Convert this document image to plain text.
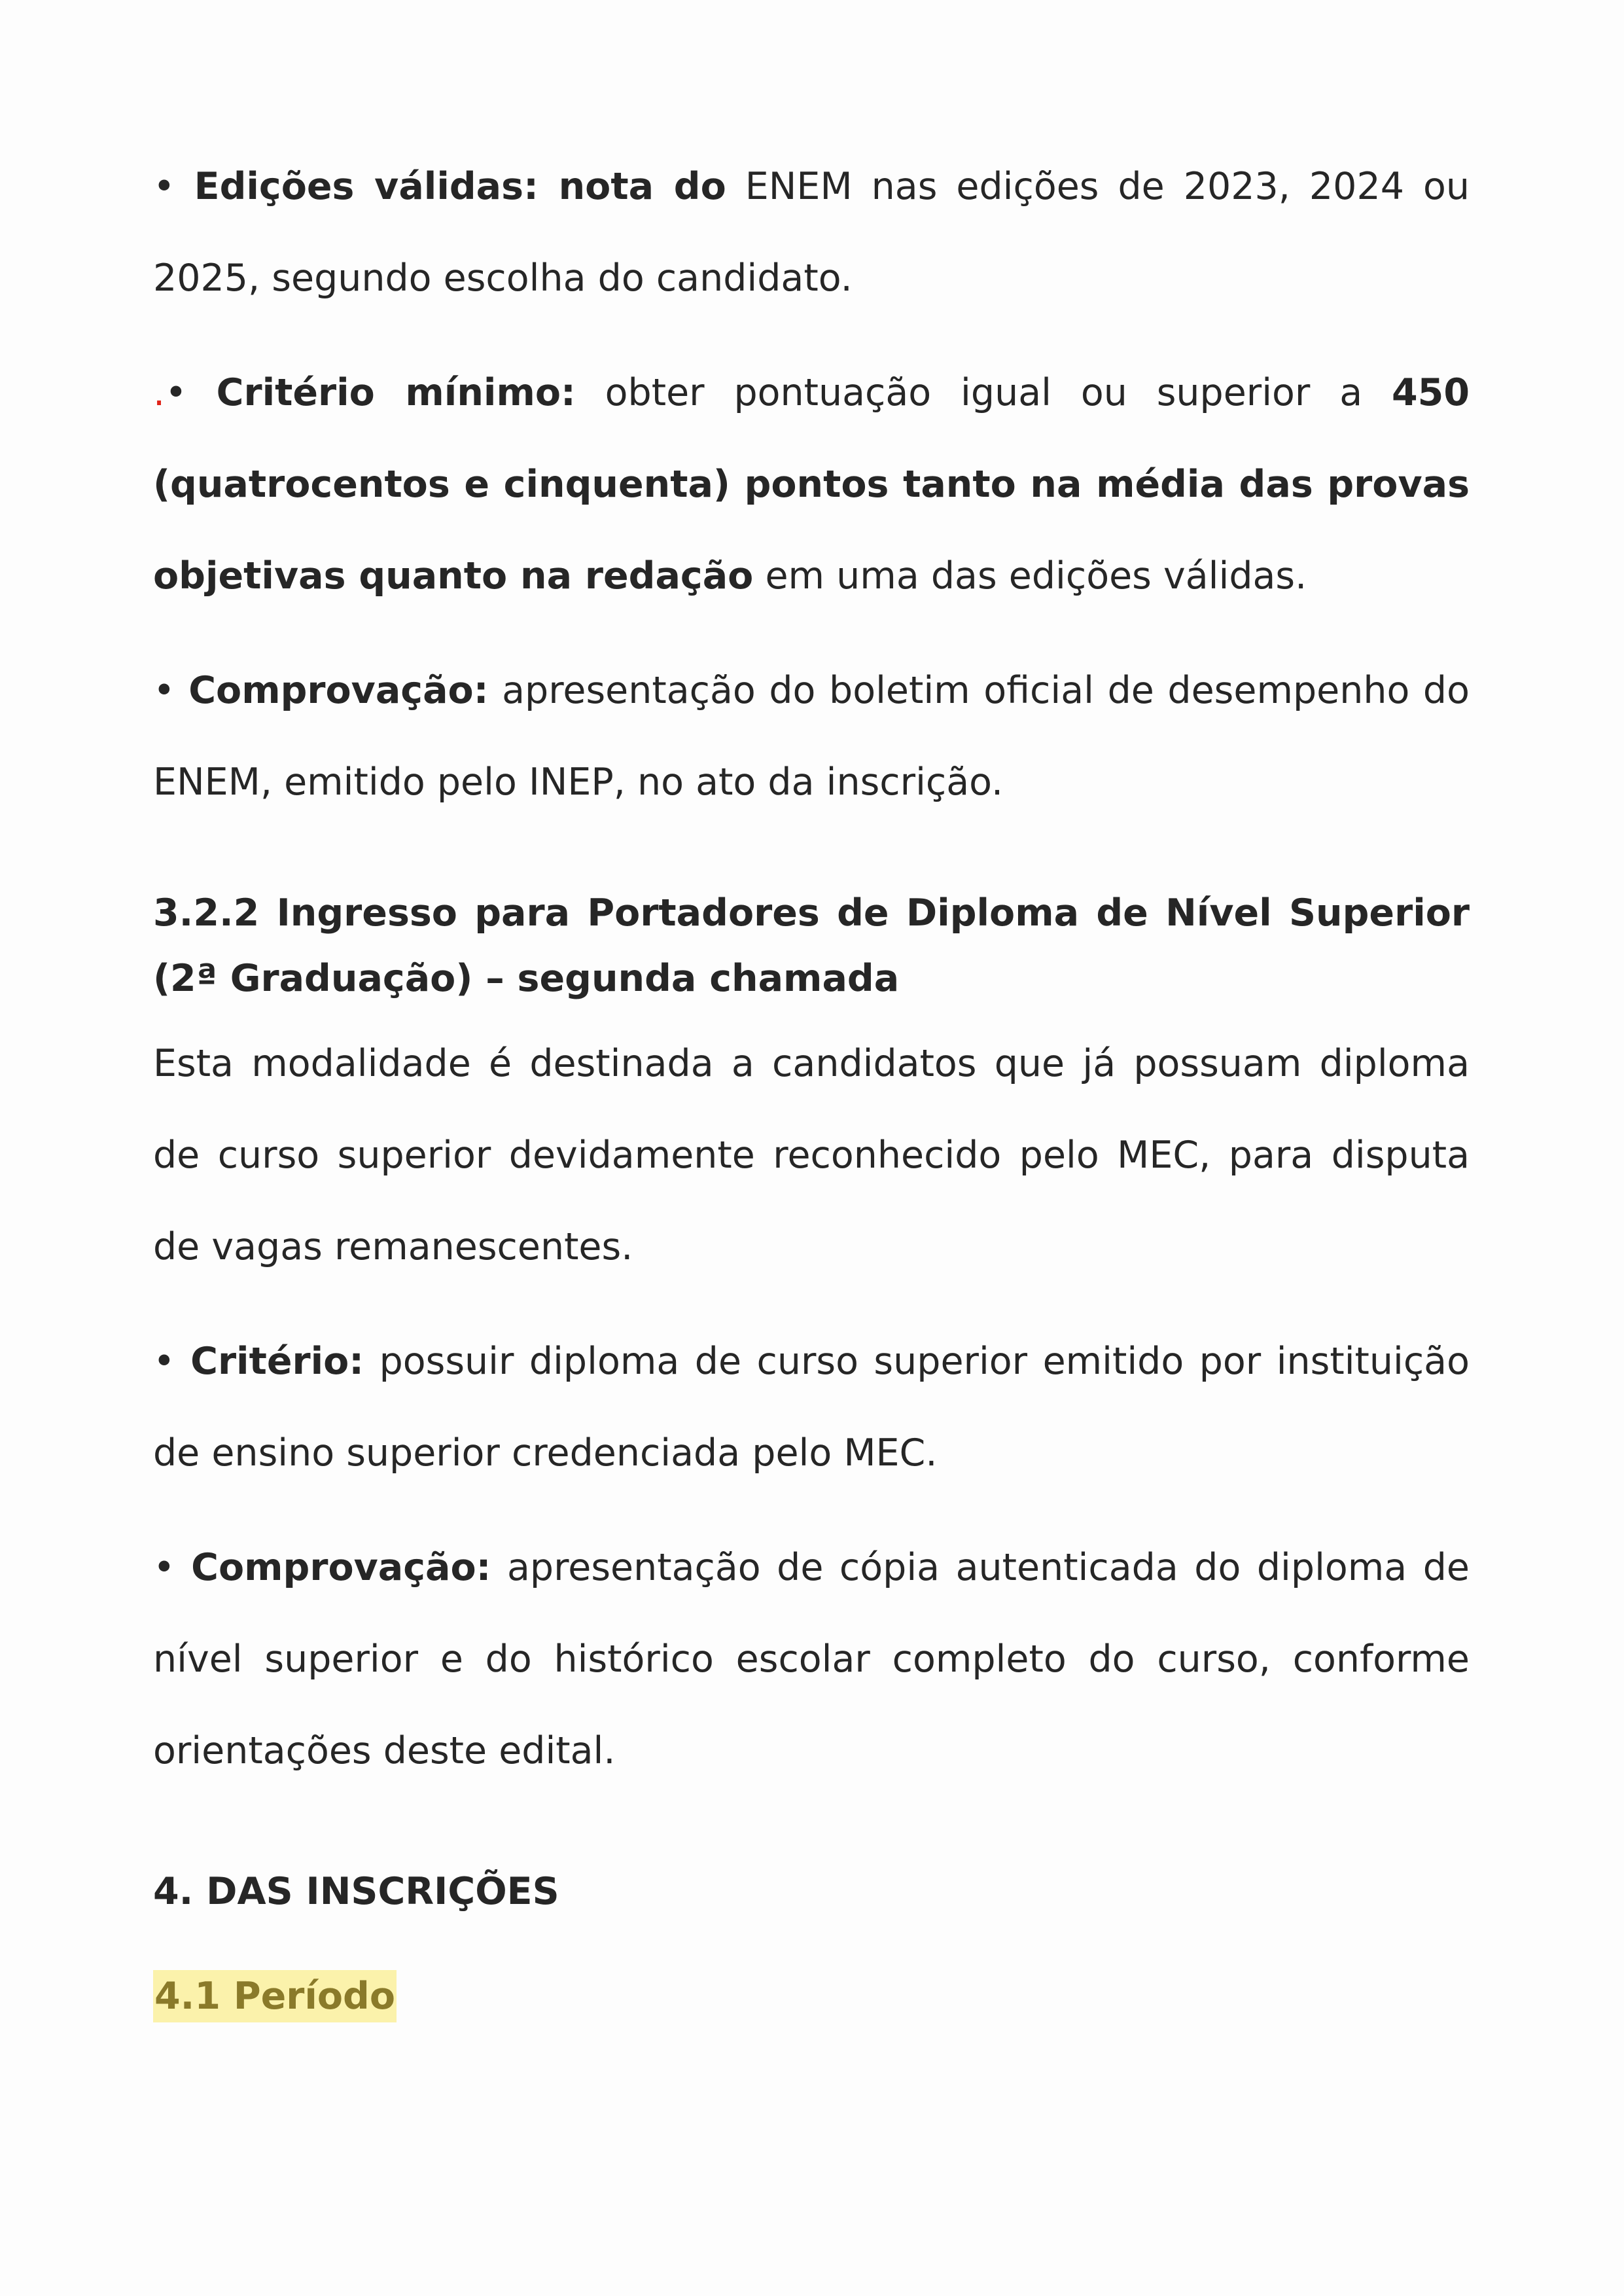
• Edições válidas: nota do ENEM nas edições de 2023, 2024 ou 2025, segundo escolha do candidato.

.• Critério mínimo: obter pontuação igual ou superior a 450 (quatrocentos e cinquenta) pontos tanto na média das provas objetivas quanto na redação em uma das edições válidas.

• Comprovação: apresentação do boletim oficial de desempenho do ENEM, emitido pelo INEP, no ato da inscrição.

3.2.2 Ingresso para Portadores de Diploma de Nível Superior (2ª Graduação) – segunda chamada

Esta modalidade é destinada a candidatos que já possuam diploma de curso superior devidamente reconhecido pelo MEC, para disputa de vagas remanescentes.

• Critério: possuir diploma de curso superior emitido por instituição de ensino superior credenciada pelo MEC.

• Comprovação: apresentação de cópia autenticada do diploma de nível superior e do histórico escolar completo do curso, conforme orientações deste edital.

4. DAS INSCRIÇÕES
4.1 Período
